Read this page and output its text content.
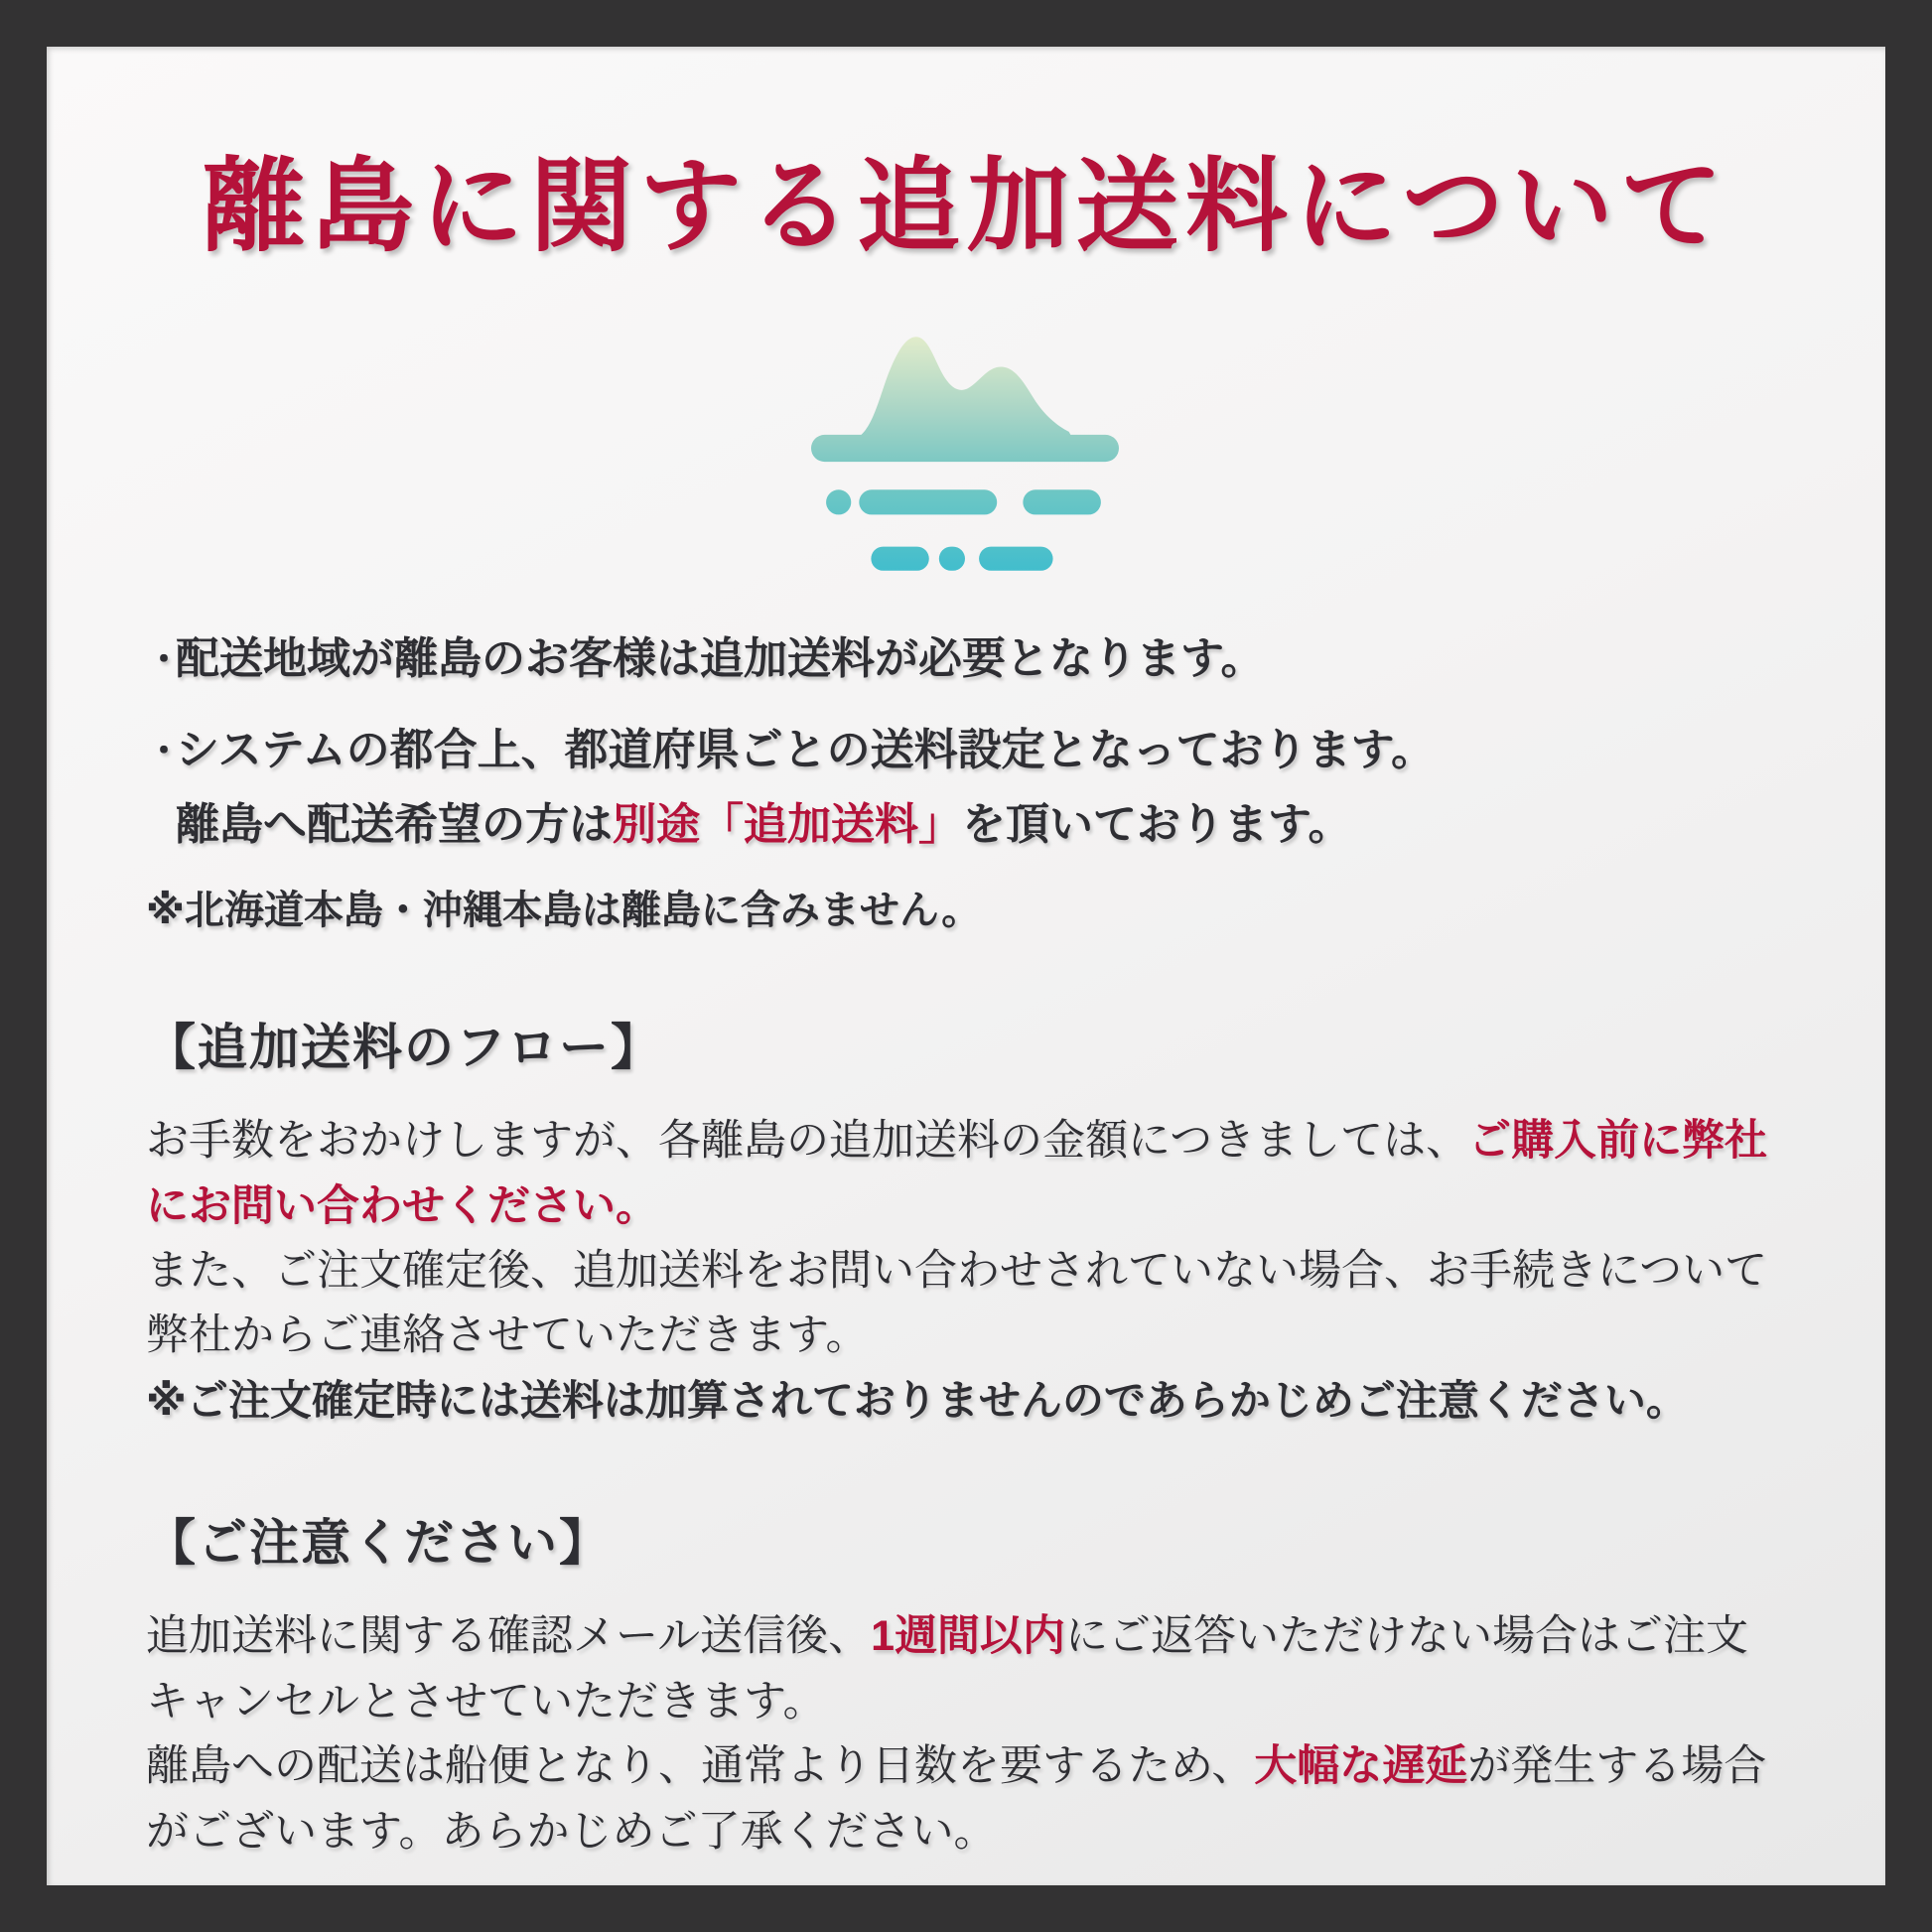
離島に関する追加送料について
・
配送地域が離島のお客様は追加送料が必要となります。
・
システムの都合上、都道府県ごとの送料設定となっております。
離島へ配送希望の方は別途「追加送料」を頂いております。
※北海道本島・沖縄本島は離島に含みません。
【追加送料のフロー】

お手数をおかけしますが、各離島の追加送料の金額につきましては、ご購入前に弊社にお問い合わせください。

また、ご注文確定後、追加送料をお問い合わせされていない場合、お手続きについて弊社からご連絡させていただきます。

※ご注文確定時には送料は加算されておりませんのであらかじめご注意ください。

【ご注意ください】

追加送料に関する確認メール送信後、1週間以内にご返答いただけない場合はご注文キャンセルとさせていただきます。

離島への配送は船便となり、通常より日数を要するため、大幅な遅延が発生する場合がございます。あらかじめご了承ください。
